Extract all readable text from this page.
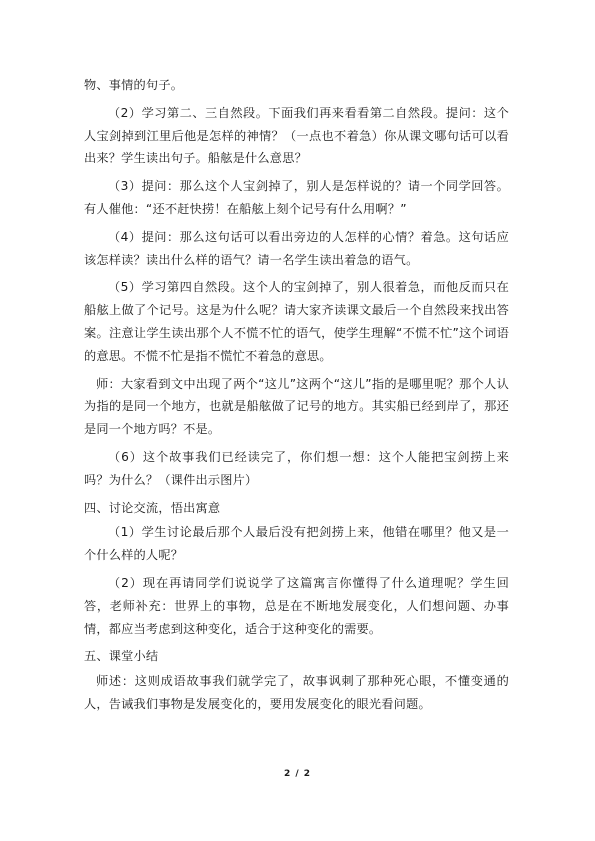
物、事情的句子。

（2）学习第二、三自然段。下面我们再来看看第二自然段。提问：这个人宝剑掉到江里后他是怎样的神情？（一点也不着急）你从课文哪句话可以看出来？学生读出句子。船舷是什么意思？

（3）提问：那么这个人宝剑掉了，别人是怎样说的？请一个同学回答。有人催他：“还不赶快捞！在船舷上刻个记号有什么用啊？”

（4）提问：那么这句话可以看出旁边的人怎样的心情？着急。这句话应该怎样读？读出什么样的语气？请一名学生读出着急的语气。

（5）学习第四自然段。这个人的宝剑掉了，别人很着急，而他反而只在船舷上做了个记号。这是为什么呢？请大家齐读课文最后一个自然段来找出答案。注意让学生读出那个人不慌不忙的语气，使学生理解“不慌不忙”这个词语的意思。不慌不忙是指不慌忙不着急的意思。

师：大家看到文中出现了两个“这儿”这两个“这儿”指的是哪里呢？那个人认为指的是同一个地方，也就是船舷做了记号的地方。其实船已经到岸了，那还是同一个地方吗？不是。

（6）这个故事我们已经读完了，你们想一想：这个人能把宝剑捞上来吗？为什么？（课件出示图片）

四、讨论交流，悟出寓意

（1）学生讨论最后那个人最后没有把剑捞上来，他错在哪里？他又是一个什么样的人呢？

（2）现在再请同学们说说学了这篇寓言你懂得了什么道理呢？学生回答，老师补充：世界上的事物，总是在不断地发展变化，人们想问题、办事情，都应当考虑到这种变化，适合于这种变化的需要。

五、课堂小结

师述：这则成语故事我们就学完了，故事讽刺了那种死心眼，不懂变通的人，告诫我们事物是发展变化的，要用发展变化的眼光看问题。

2 / 2
